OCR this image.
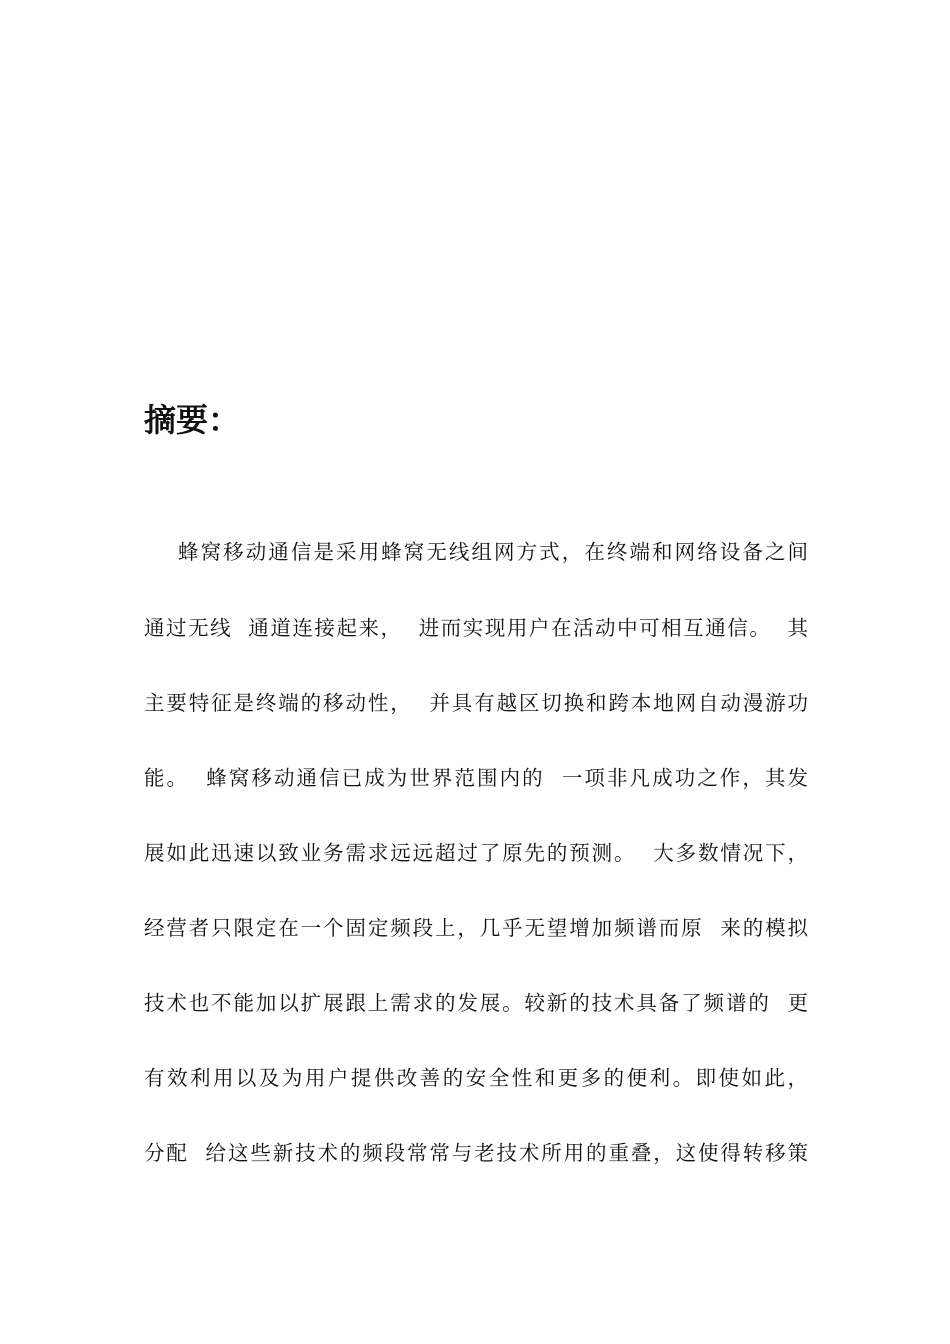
摘要：

蜂窝移动通信是采用蜂窝无线组网方式，在终端和网络设备之间

通过无线  通道连接起来，  进而实现用户在活动中可相互通信。  其

主要特征是终端的移动性，  并具有越区切换和跨本地网自动漫游功

能。  蜂窝移动通信已成为世界范围内的  一项非凡成功之作，其发

展如此迅速以致业务需求远远超过了原先的预测。  大多数情况下，

经营者只限定在一个固定频段上，几乎无望增加频谱而原  来的模拟

技术也不能加以扩展跟上需求的发展。较新的技术具备了频谱的  更

有效利用以及为用户提供改善的安全性和更多的便利。即使如此，

分配  给这些新技术的频段常常与老技术所用的重叠，这使得转移策
